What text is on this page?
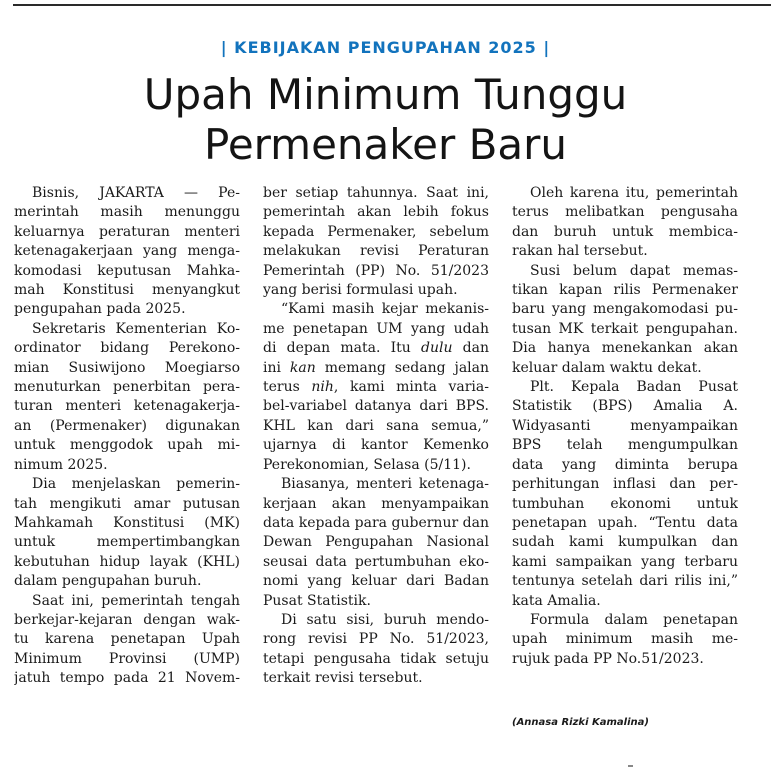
| KEBIJAKAN PENGUPAHAN 2025 |
Upah Minimum Tunggu
Permenaker Baru
Bisnis, JAKARTA — Pe-
merintah masih menunggu
keluarnya peraturan menteri
ketenagakerjaan yang menga-
komodasi keputusan Mahka-
mah Konstitusi menyangkut
pengupahan pada 2025.
Sekretaris Kementerian Ko-
ordinator bidang Perekono-
mian Susiwijono Moegiarso
menuturkan penerbitan pera-
turan menteri ketenagakerja-
an (Permenaker) digunakan
untuk menggodok upah mi-
nimum 2025.
Dia menjelaskan pemerin-
tah mengikuti amar putusan
Mahkamah Konstitusi (MK)
untuk mempertimbangkan
kebutuhan hidup layak (KHL)
dalam pengupahan buruh.
Saat ini, pemerintah tengah
berkejar-kejaran dengan wak-
tu karena penetapan Upah
Minimum Provinsi (UMP)
jatuh tempo pada 21 Novem-
ber setiap tahunnya. Saat ini,
pemerintah akan lebih fokus
kepada Permenaker, sebelum
melakukan revisi Peraturan
Pemerintah (PP) No. 51/2023
yang berisi formulasi upah.
“Kami masih kejar mekanis-
me penetapan UM yang udah
di depan mata. Itu dulu dan
ini kan memang sedang jalan
terus nih, kami minta varia-
bel-variabel datanya dari BPS.
KHL kan dari sana semua,”
ujarnya di kantor Kemenko
Perekonomian, Selasa (5/11).
Biasanya, menteri ketenaga-
kerjaan akan menyampaikan
data kepada para gubernur dan
Dewan Pengupahan Nasional
seusai data pertumbuhan eko-
nomi yang keluar dari Badan
Pusat Statistik.
Di satu sisi, buruh mendo-
rong revisi PP No. 51/2023,
tetapi pengusaha tidak setuju
terkait revisi tersebut.
Oleh karena itu, pemerintah
terus melibatkan pengusaha
dan buruh untuk membica-
rakan hal tersebut.
Susi belum dapat memas-
tikan kapan rilis Permenaker
baru yang mengakomodasi pu-
tusan MK terkait pengupahan.
Dia hanya menekankan akan
keluar dalam waktu dekat.
Plt. Kepala Badan Pusat
Statistik (BPS) Amalia A.
Widyasanti menyampaikan
BPS telah mengumpulkan
data yang diminta berupa
perhitungan inflasi dan per-
tumbuhan ekonomi untuk
penetapan upah. “Tentu data
sudah kami kumpulkan dan
kami sampaikan yang terbaru
tentunya setelah dari rilis ini,”
kata Amalia.
Formula dalam penetapan
upah minimum masih me-
rujuk pada PP No.51/2023.
(Annasa Rizki Kamalina)
